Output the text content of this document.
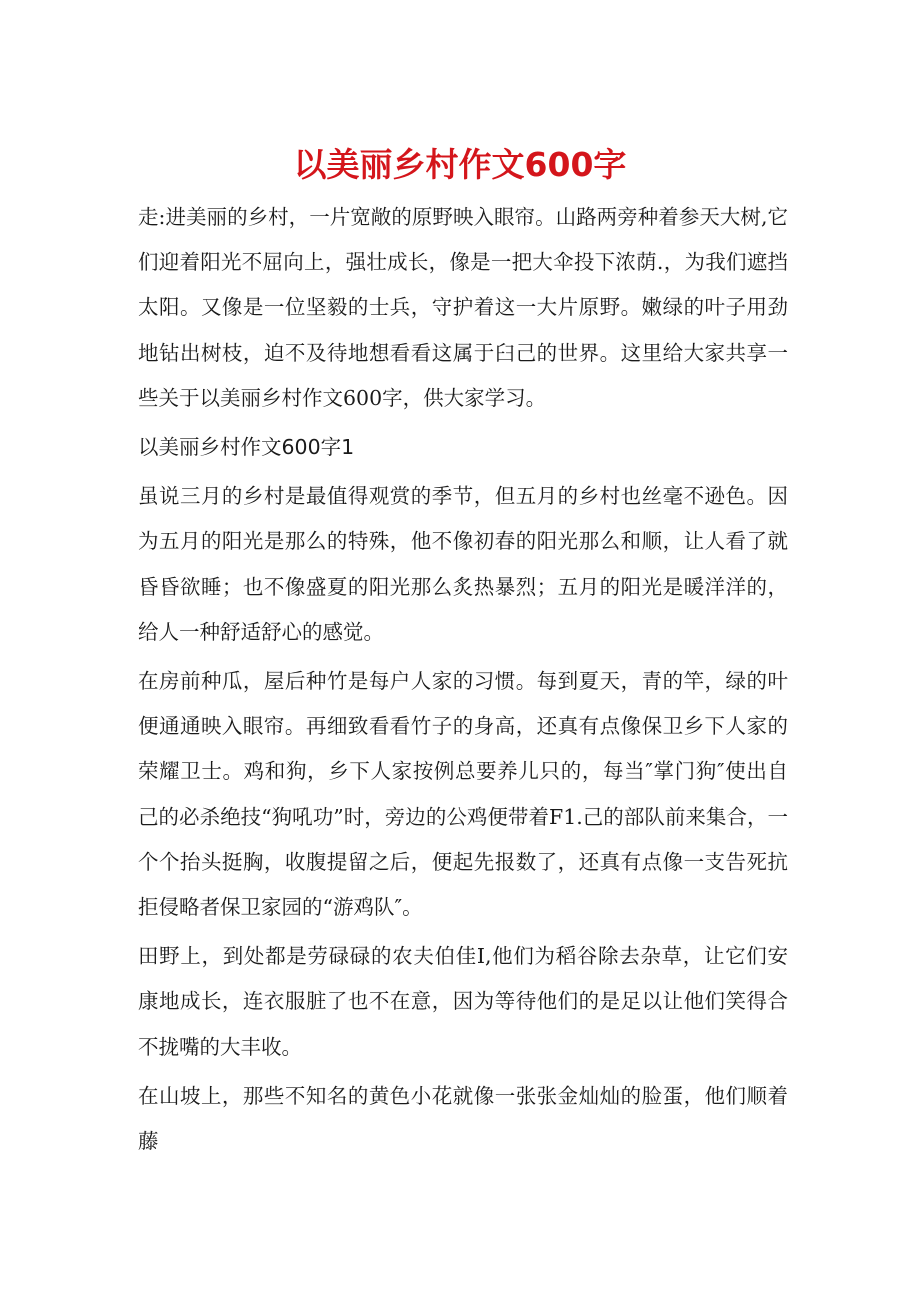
以美丽乡村作文600字

走:进美丽的乡村，一片宽敞的原野映入眼帘。山路两旁种着参天大树,它们迎着阳光不屈向上，强壮成长，像是一把大伞投下浓荫.，为我们遮挡太阳。又像是一位坚毅的士兵，守护着这一大片原野。嫩绿的叶子用劲地钻出树枝，迫不及待地想看看这属于臼己的世界。这里给大家共享一些关于以美丽乡村作文600字，供大家学习。

以美丽乡村作文600字1

虽说三月的乡村是最值得观赏的季节，但五月的乡村也丝毫不逊色。因为五月的阳光是那么的特殊，他不像初春的阳光那么和顺，让人看了就昏昏欲睡；也不像盛夏的阳光那么炙热暴烈；五月的阳光是暖洋洋的，给人一种舒适舒心的感觉。

在房前种瓜，屋后种竹是每户人家的习惯。每到夏天，青的竿，绿的叶便通通映入眼帘。再细致看看竹子的身高，还真有点像保卫乡下人家的荣耀卫士。鸡和狗，乡下人家按例总要养儿只的，每当″掌门狗″使出自己的必杀绝技“狗吼功”时，旁边的公鸡便带着F1.己的部队前来集合，一个个抬头挺胸，收腹提留之后，便起先报数了，还真有点像一支告死抗拒侵略者保卫家园的“游鸡队″。

田野上，到处都是劳碌碌的农夫伯佳I,他们为稻谷除去杂草，让它们安康地成长，连衣服脏了也不在意，因为等待他们的是足以让他们笑得合不拢嘴的大丰收。

在山坡上，那些不知名的黄色小花就像一张张金灿灿的脸蛋，他们顺着藤
